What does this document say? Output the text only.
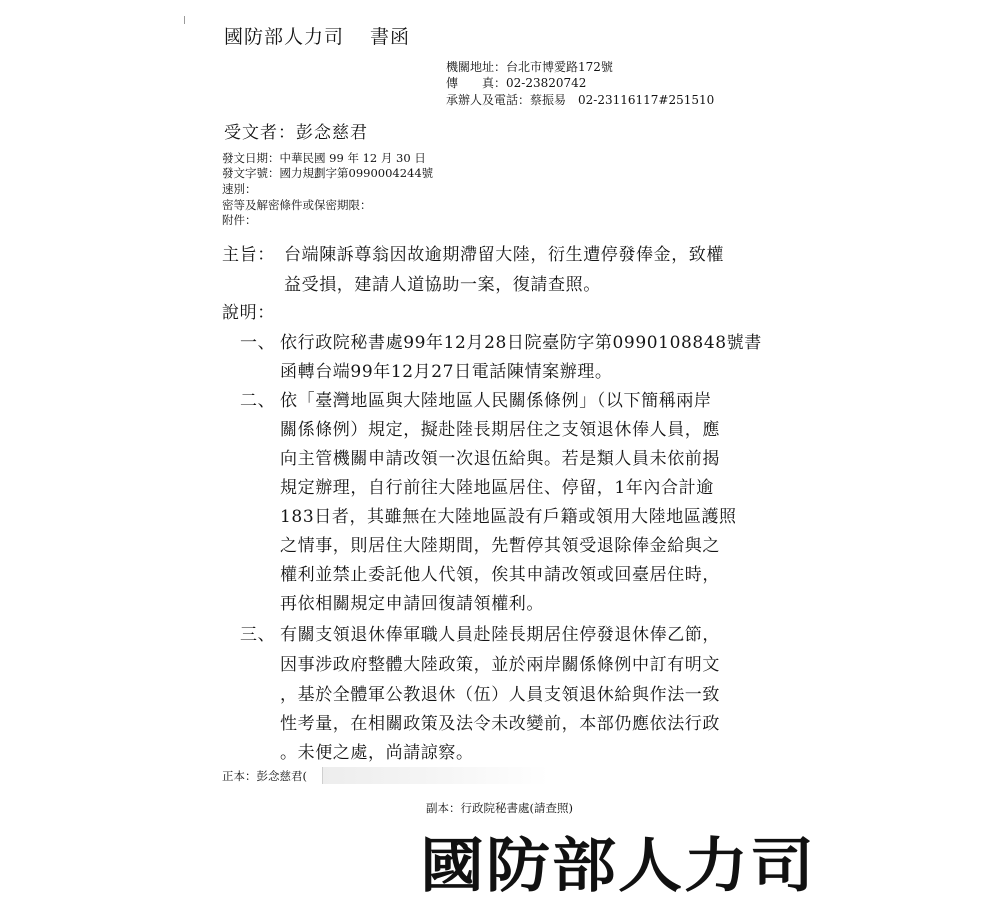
國防部人力司 書函
機關地址：台北市博愛路172號
傳　　真：02-23820742
承辦人及電話：蔡振易　02-23116117#251510
受文者：彭念慈君
發文日期：中華民國 99 年 12 月 30 日
發文字號：國力規劃字第0990004244號
速別：
密等及解密條件或保密期限：
附件：
主旨： 台端陳訴尊翁因故逾期滯留大陸，衍生遭停發俸金，致權
益受損，建請人道協助一案，復請查照。
說明：
一、 依行政院秘書處99年12月28日院臺防字第0990108848號書
函轉台端99年12月27日電話陳情案辦理。
二、 依「臺灣地區與大陸地區人民關係條例」（以下簡稱兩岸
關係條例）規定，擬赴陸長期居住之支領退休俸人員，應
向主管機關申請改領一次退伍給與。若是類人員未依前揭
規定辦理，自行前往大陸地區居住、停留，1年內合計逾
183日者，其雖無在大陸地區設有戶籍或領用大陸地區護照
之情事，則居住大陸期間，先暫停其領受退除俸金給與之
權利並禁止委託他人代領，俟其申請改領或回臺居住時，
再依相關規定申請回復請領權利。
三、 有關支領退休俸軍職人員赴陸長期居住停發退休俸乙節，
因事涉政府整體大陸政策，並於兩岸關係條例中訂有明文
，基於全體軍公教退休（伍）人員支領退休給與作法一致
性考量，在相關政策及法令未改變前，本部仍應依法行政
。未便之處，尚請諒察。
正本：彭念慈君(
副本：行政院秘書處(請查照)
國防部人力司
